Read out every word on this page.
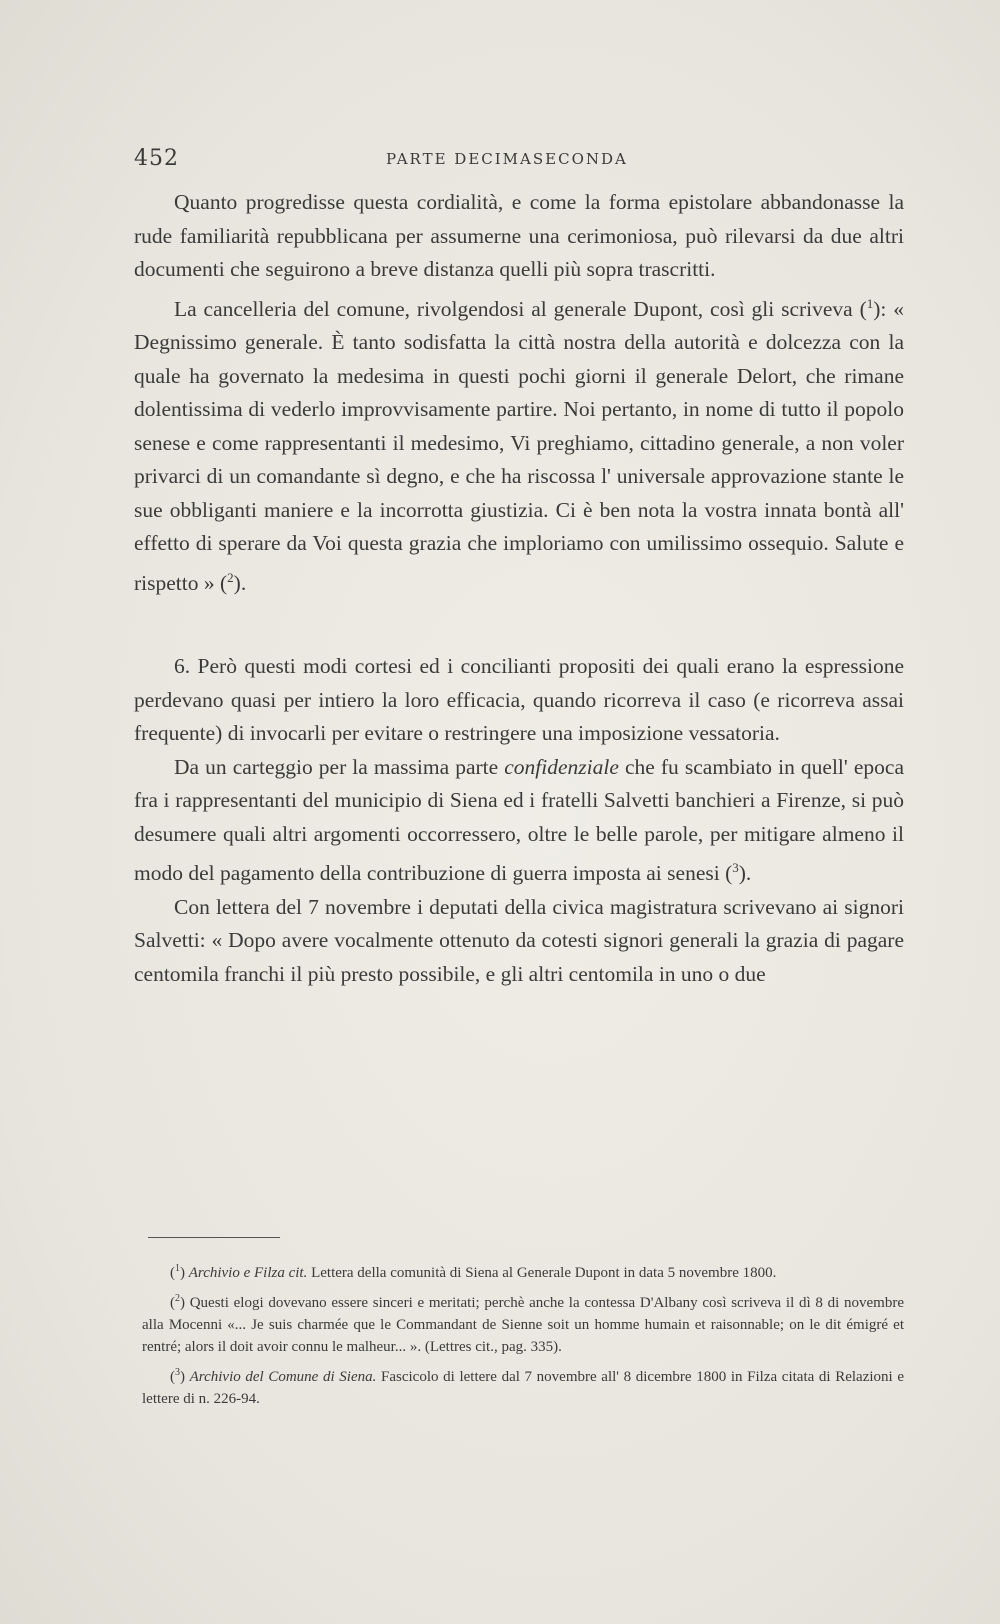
452	PARTE DECIMASECONDA

Quanto progredisse questa cordialità, e come la forma epistolare abbandonasse la rude familiarità repubblicana per assumerne una cerimoniosa, può rilevarsi da due altri documenti che seguirono a breve distanza quelli più sopra trascritti.

La cancelleria del comune, rivolgendosi al generale Dupont, così gli scriveva ($^1$): « Degnissimo generale. È tanto sodisfatta la città nostra della autorità e dolcezza con la quale ha governato la medesima in questi pochi giorni il generale Delort, che rimane dolentissima di vederlo improvvisamente partire. Noi pertanto, in nome di tutto il popolo senese e come rappresentanti il medesimo, Vi preghiamo, cittadino generale, a non voler privarci di un comandante sì degno, e che ha riscossa l' universale approvazione stante le sue obbliganti maniere e la incorrotta giustizia. Ci è ben nota la vostra innata bontà all' effetto di sperare da Voi questa grazia che imploriamo con umilissimo ossequio. Salute e rispetto » ($^2$).

6. Però questi modi cortesi ed i concilianti propositi dei quali erano la espressione perdevano quasi per intiero la loro efficacia, quando ricorreva il caso (e ricorreva assai frequente) di invocarli per evitare o restringere una imposizione vessatoria.

Da un carteggio per la massima parte confidenziale che fu scambiato in quell' epoca fra i rappresentanti del municipio di Siena ed i fratelli Salvetti banchieri a Firenze, si può desumere quali altri argomenti occorressero, oltre le belle parole, per mitigare almeno il modo del pagamento della contribuzione di guerra imposta ai senesi ($^3$).

Con lettera del 7 novembre i deputati della civica magistratura scrivevano ai signori Salvetti: « Dopo avere vocalmente ottenuto da cotesti signori generali la grazia di pagare centomila franchi il più presto possibile, e gli altri centomila in uno o due

($^1$) Archivio e Filza cit. Lettera della comunità di Siena al Generale Dupont in data 5 novembre 1800.

($^2$) Questi elogi dovevano essere sinceri e meritati; perchè anche la contessa D'Albany così scriveva il dì 8 di novembre alla Mocenni «... Je suis charmée que le Commandant de Sienne soit un homme humain et raisonnable; on le dit émigré et rentré; alors il doit avoir connu le malheur... ». (Lettres cit., pag. 335).

($^3$) Archivio del Comune di Siena. Fascicolo di lettere dal 7 novembre all' 8 dicembre 1800 in Filza citata di Relazioni e lettere di n. 226-94.
